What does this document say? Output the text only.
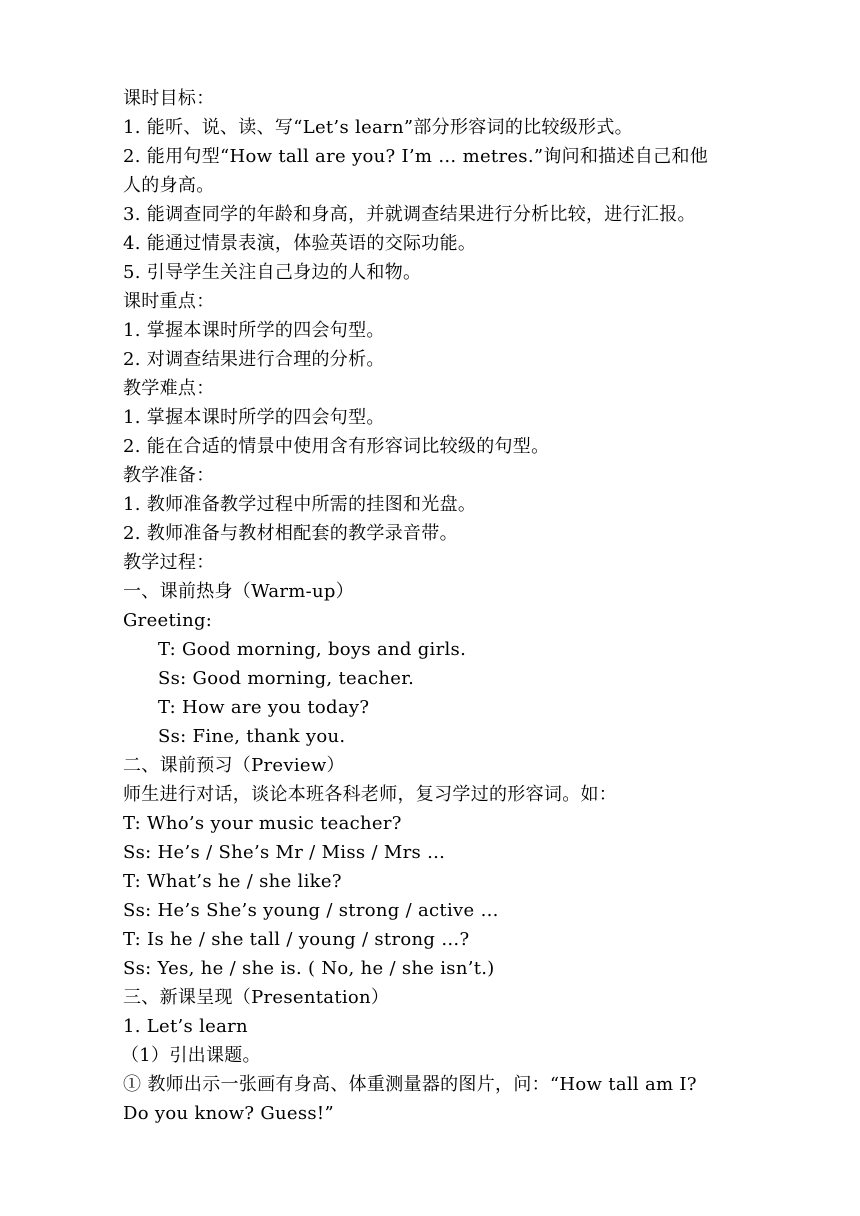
课时目标：
1. 能听、说、读、写“Let’s learn”部分形容词的比较级形式。
2. 能用句型“How tall are you? I’m … metres.”询问和描述自己和他
人的身高。
3. 能调查同学的年龄和身高，并就调查结果进行分析比较，进行汇报。
4. 能通过情景表演，体验英语的交际功能。
5. 引导学生关注自己身边的人和物。
课时重点：
1. 掌握本课时所学的四会句型。
2. 对调查结果进行合理的分析。
教学难点：
1. 掌握本课时所学的四会句型。
2. 能在合适的情景中使用含有形容词比较级的句型。
教学准备：
1. 教师准备教学过程中所需的挂图和光盘。
2. 教师准备与教材相配套的教学录音带。
教学过程：
一、课前热身（Warm-up）
Greeting:
T: Good morning, boys and girls.
Ss: Good morning, teacher.
T: How are you today?
Ss: Fine, thank you.
二、课前预习（Preview）
师生进行对话，谈论本班各科老师，复习学过的形容词。如：
T: Who’s your music teacher?
Ss: He’s / She’s Mr / Miss / Mrs …
T: What’s he / she like?
Ss: He’s She’s young / strong / active …
T: Is he / she tall / young / strong …?
Ss: Yes, he / she is. ( No, he / she isn’t.)
三、新课呈现（Presentation）
1. Let’s learn
（1）引出课题。
① 教师出示一张画有身高、体重测量器的图片，问：“How tall am I?
Do you know? Guess!”
